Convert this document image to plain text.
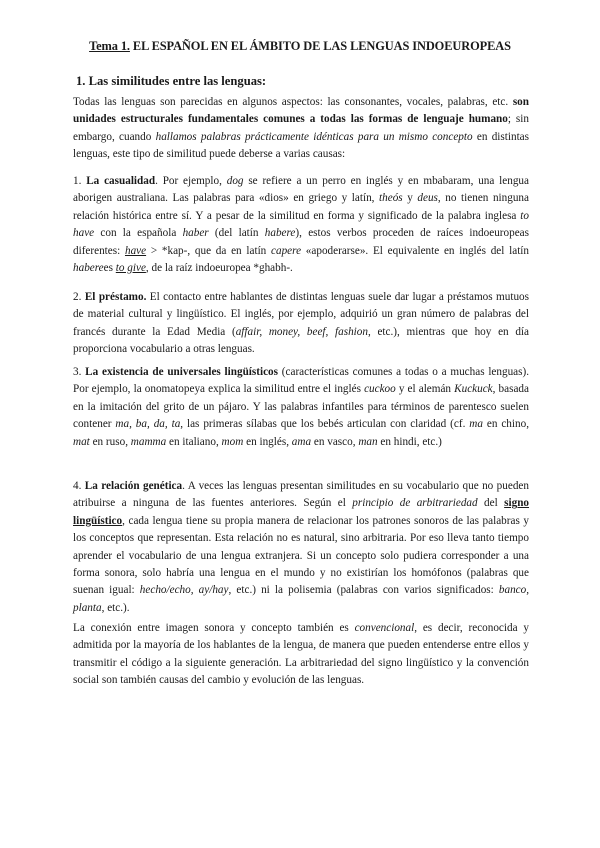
Tema 1. EL ESPAÑOL EN EL ÁMBITO DE LAS LENGUAS INDOEUROPEAS
1. Las similitudes entre las lenguas:

Todas las lenguas son parecidas en algunos aspectos: las consonantes, vocales, palabras, etc. son unidades estructurales fundamentales comunes a todas las formas de lenguaje humano; sin embargo, cuando hallamos palabras prácticamente idénticas para un mismo concepto en distintas lenguas, este tipo de similitud puede deberse a varias causas:

1. La casualidad. Por ejemplo, dog se refiere a un perro en inglés y en mbabaram, una lengua aborigen australiana. Las palabras para «dios» en griego y latín, theós y deus, no tienen ninguna relación histórica entre sí. Y a pesar de la similitud en forma y significado de la palabra inglesa to have con la española haber (del latín habere), estos verbos proceden de raíces indoeuropeas diferentes: have > *kap-, que da en latín capere «apoderarse». El equivalente en inglés del latín haberees to give, de la raíz indoeuropea *ghabh-.

2. El préstamo. El contacto entre hablantes de distintas lenguas suele dar lugar a préstamos mutuos de material cultural y lingüístico. El inglés, por ejemplo, adquirió un gran número de palabras del francés durante la Edad Media (affair, money, beef, fashion, etc.), mientras que hoy en día proporciona vocabulario a otras lenguas.

3. La existencia de universales lingüísticos (características comunes a todas o a muchas lenguas). Por ejemplo, la onomatopeya explica la similitud entre el inglés cuckoo y el alemán Kuckuck, basada en la imitación del grito de un pájaro. Y las palabras infantiles para términos de parentesco suelen contener ma, ba, da, ta, las primeras sílabas que los bebés articulan con claridad (cf. ma en chino, mat en ruso, mamma en italiano, mom en inglés, ama en vasco, man en hindi, etc.)

4. La relación genética. A veces las lenguas presentan similitudes en su vocabulario que no pueden atribuirse a ninguna de las fuentes anteriores. Según el principio de arbitrariedad del signo lingüístico, cada lengua tiene su propia manera de relacionar los patrones sonoros de las palabras y los conceptos que representan. Esta relación no es natural, sino arbitraria. Por eso lleva tanto tiempo aprender el vocabulario de una lengua extranjera. Si un concepto solo pudiera corresponder a una forma sonora, solo habría una lengua en el mundo y no existirían los homófonos (palabras que suenan igual: hecho/echo, ay/hay, etc.) ni la polisemia (palabras con varios significados: banco, planta, etc.).

La conexión entre imagen sonora y concepto también es convencional, es decir, reconocida y admitida por la mayoría de los hablantes de la lengua, de manera que pueden entenderse entre ellos y transmitir el código a la siguiente generación. La arbitrariedad del signo lingüístico y la convención social son también causas del cambio y evolución de las lenguas.
